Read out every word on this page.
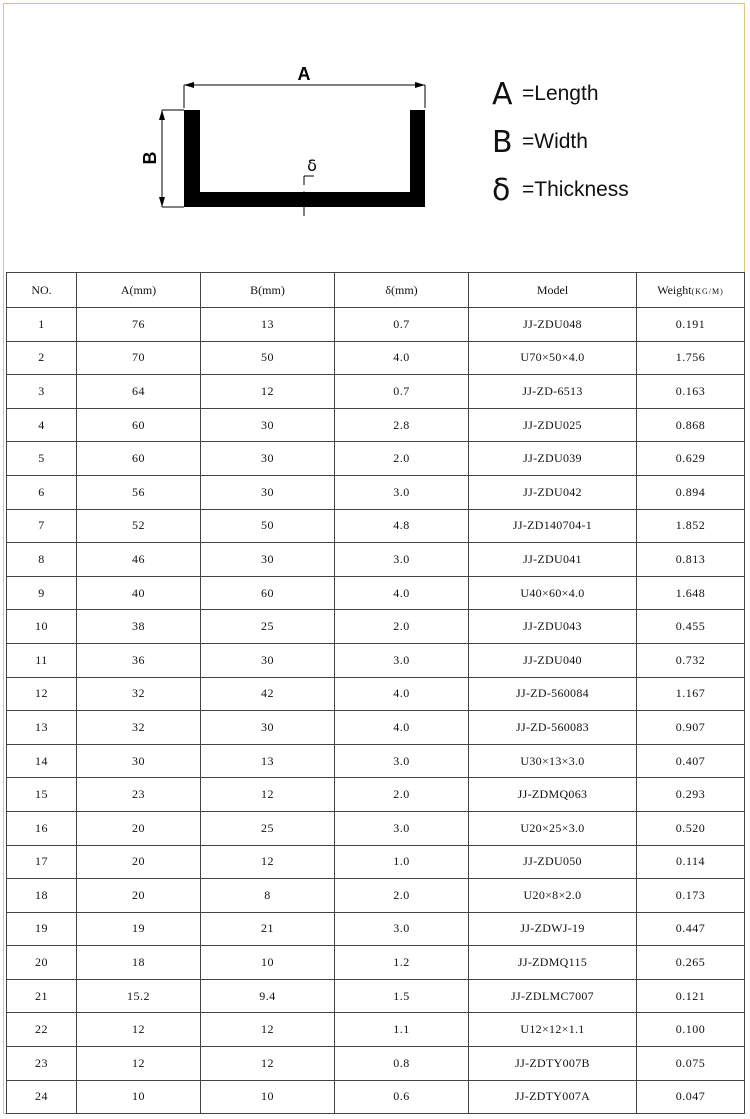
A
B	δ
A	= Length
B	= Width
δ	= Thickness
NO.	A(mm)	B(mm)	δ(mm)	Model	Weight(KG/M)
1	76	13	0.7	JJ-ZDU048	0.191
2	70	50	4.0	U70×50×4.0	1.756
3	64	12	0.7	JJ-ZD-6513	0.163
4	60	30	2.8	JJ-ZDU025	0.868
5	60	30	2.0	JJ-ZDU039	0.629
6	56	30	3.0	JJ-ZDU042	0.894
7	52	50	4.8	JJ-ZD140704-1	1.852
8	46	30	3.0	JJ-ZDU041	0.813
9	40	60	4.0	U40×60×4.0	1.648
10	38	25	2.0	JJ-ZDU043	0.455
11	36	30	3.0	JJ-ZDU040	0.732
12	32	42	4.0	JJ-ZD-560084	1.167
13	32	30	4.0	JJ-ZD-560083	0.907
14	30	13	3.0	U30×13×3.0	0.407
15	23	12	2.0	JJ-ZDMQ063	0.293
16	20	25	3.0	U20×25×3.0	0.520
17	20	12	1.0	JJ-ZDU050	0.114
18	20	8	2.0	U20×8×2.0	0.173
19	19	21	3.0	JJ-ZDWJ-19	0.447
20	18	10	1.2	JJ-ZDMQ115	0.265
21	15.2	9.4	1.5	JJ-ZDLMC7007	0.121
22	12	12	1.1	U12×12×1.1	0.100
23	12	12	0.8	JJ-ZDTY007B	0.075
24	10	10	0.6	JJ-ZDTY007A	0.047
